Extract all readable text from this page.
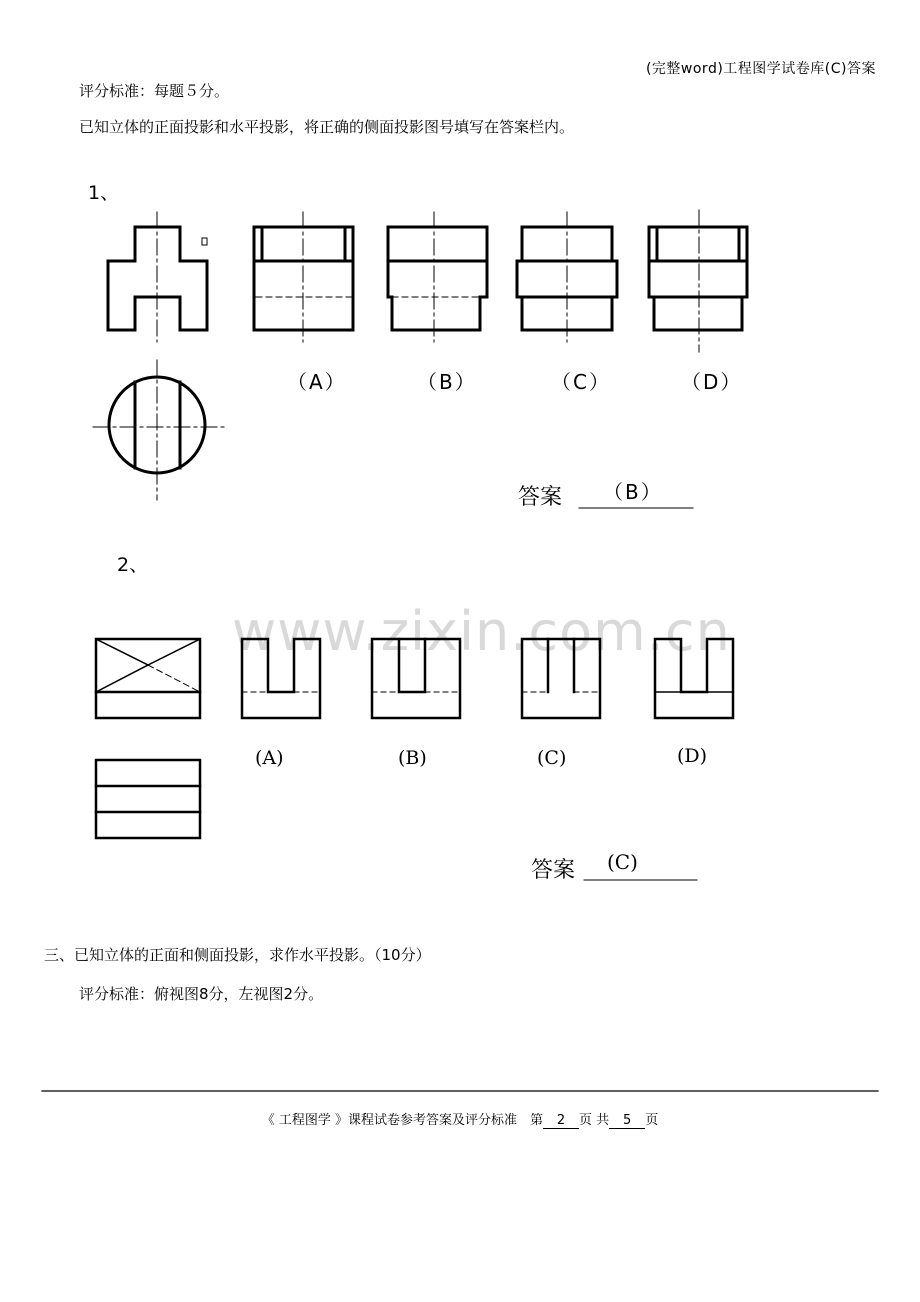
(完整word)工程图学试卷库(C)答案
评分标准：每题５分。
已知立体的正面投影和水平投影，将正确的侧面投影图号填写在答案栏内。
www.zixin.com.cn
1、
（A）	（B）	（C）	（D）
答案 （B）
2、
(A)	(B)	(C)	(D)
答案 (C)
三、已知立体的正面和侧面投影，求作水平投影。（10分）
评分标准：俯视图8分，左视图2分。
《 工程图学 》课程试卷参考答案及评分标准　第 2 页 共 5 页
